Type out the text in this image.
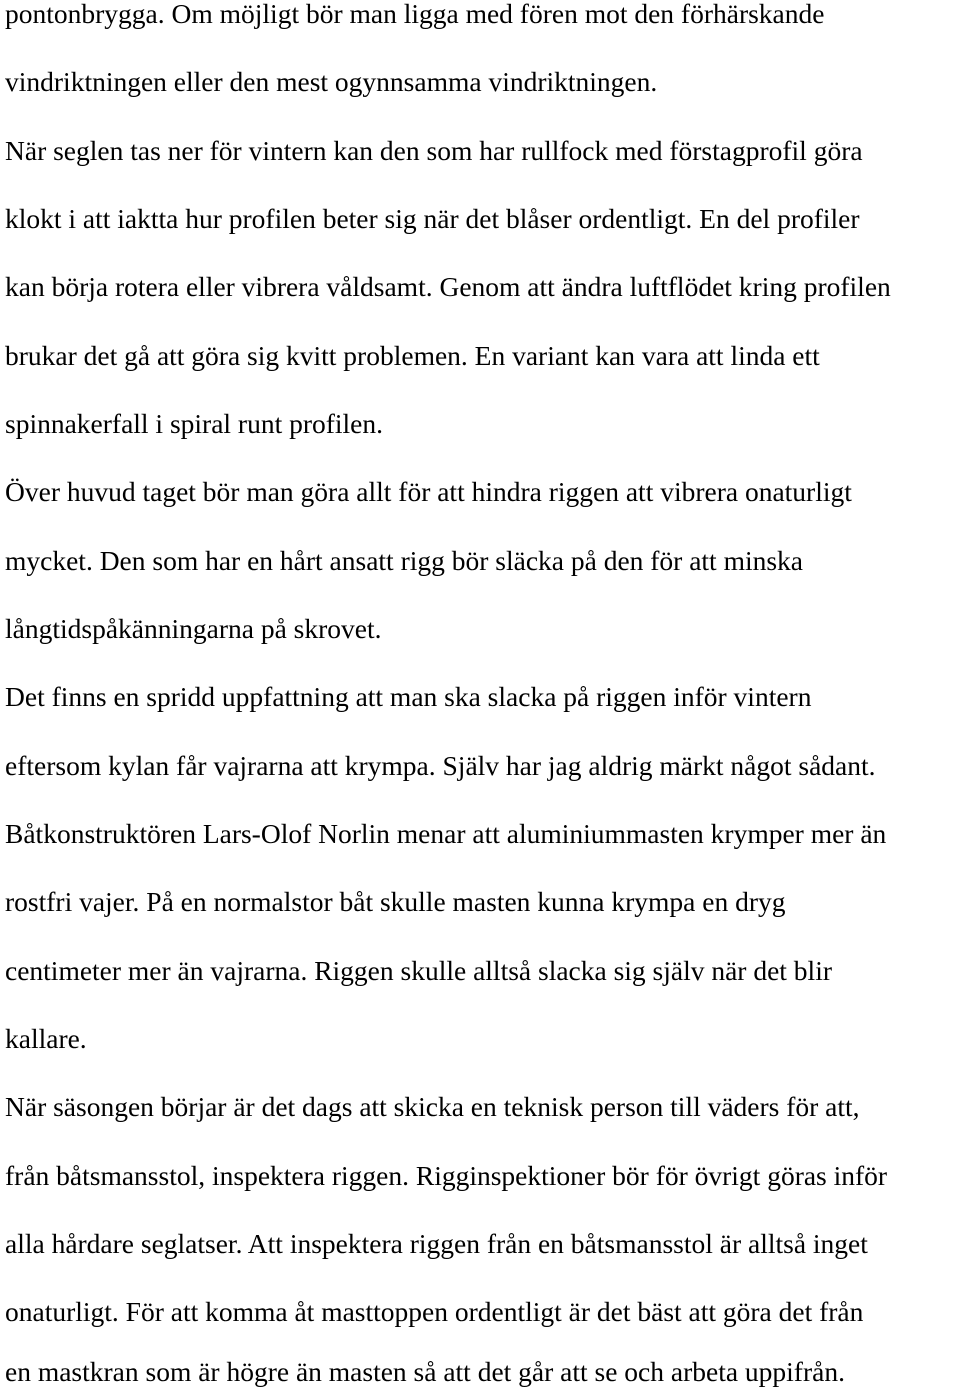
pontonbrygga. Om möjligt bör man ligga med fören mot den förhärskande
vindriktningen eller den mest ogynnsamma vindriktningen.
När seglen tas ner för vintern kan den som har rullfock med förstagprofil göra
klokt i att iaktta hur profilen beter sig när det blåser ordentligt. En del profiler
kan börja rotera eller vibrera våldsamt. Genom att ändra luftflödet kring profilen
brukar det gå att göra sig kvitt problemen. En variant kan vara att linda ett
spinnakerfall i spiral runt profilen.
Över huvud taget bör man göra allt för att hindra riggen att vibrera onaturligt
mycket. Den som har en hårt ansatt rigg bör släcka på den för att minska
långtidspåkänningarna på skrovet.
Det finns en spridd uppfattning att man ska slacka på riggen inför vintern
eftersom kylan får vajrarna att krympa. Själv har jag aldrig märkt något sådant.
Båtkonstruktören Lars-Olof Norlin menar att aluminiummasten krymper mer än
rostfri vajer. På en normalstor båt skulle masten kunna krympa en dryg
centimeter mer än vajrarna. Riggen skulle alltså slacka sig själv när det blir
kallare.
När säsongen börjar är det dags att skicka en teknisk person till väders för att,
från båtsmansstol, inspektera riggen. Rigginspektioner bör för övrigt göras inför
alla hårdare seglatser. Att inspektera riggen från en båtsmansstol är alltså inget
onaturligt. För att komma åt masttoppen ordentligt är det bäst att göra det från
en mastkran som är högre än masten så att det går att se och arbeta uppifrån.
